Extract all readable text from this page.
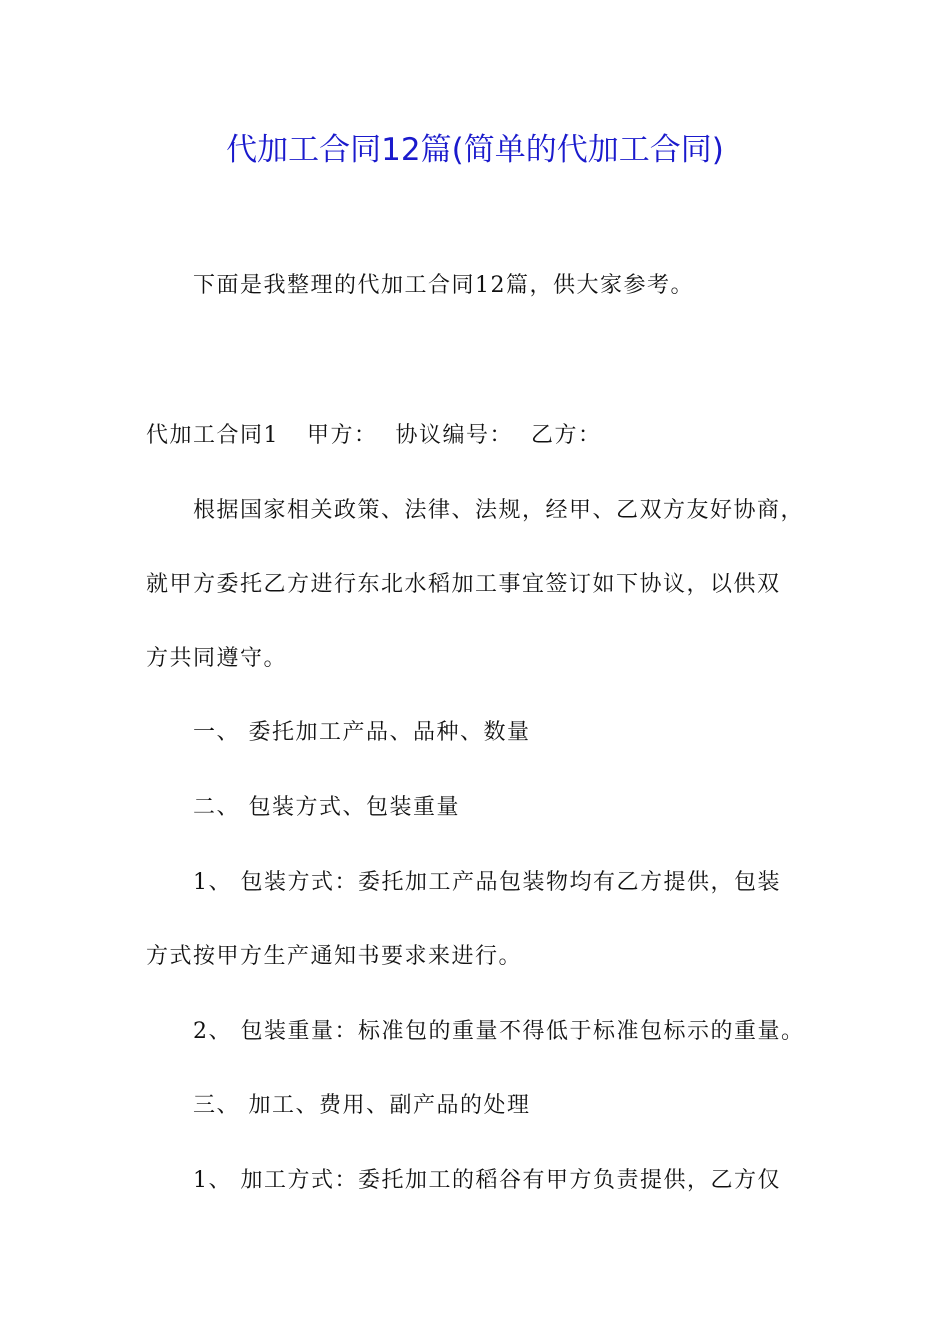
代加工合同12篇(简单的代加工合同)
下面是我整理的代加工合同12篇，供大家参考。
代加工合同1 甲方： 协议编号： 乙方：
根据国家相关政策、法律、法规，经甲、乙双方友好协商，
就甲方委托乙方进行东北水稻加工事宜签订如下协议，以供双
方共同遵守。
一、 委托加工产品、品种、数量
二、 包装方式、包装重量
1、 包装方式：委托加工产品包装物均有乙方提供，包装
方式按甲方生产通知书要求来进行。
2、 包装重量：标准包的重量不得低于标准包标示的重量。
三、 加工、费用、副产品的处理
1、 加工方式：委托加工的稻谷有甲方负责提供，乙方仅
